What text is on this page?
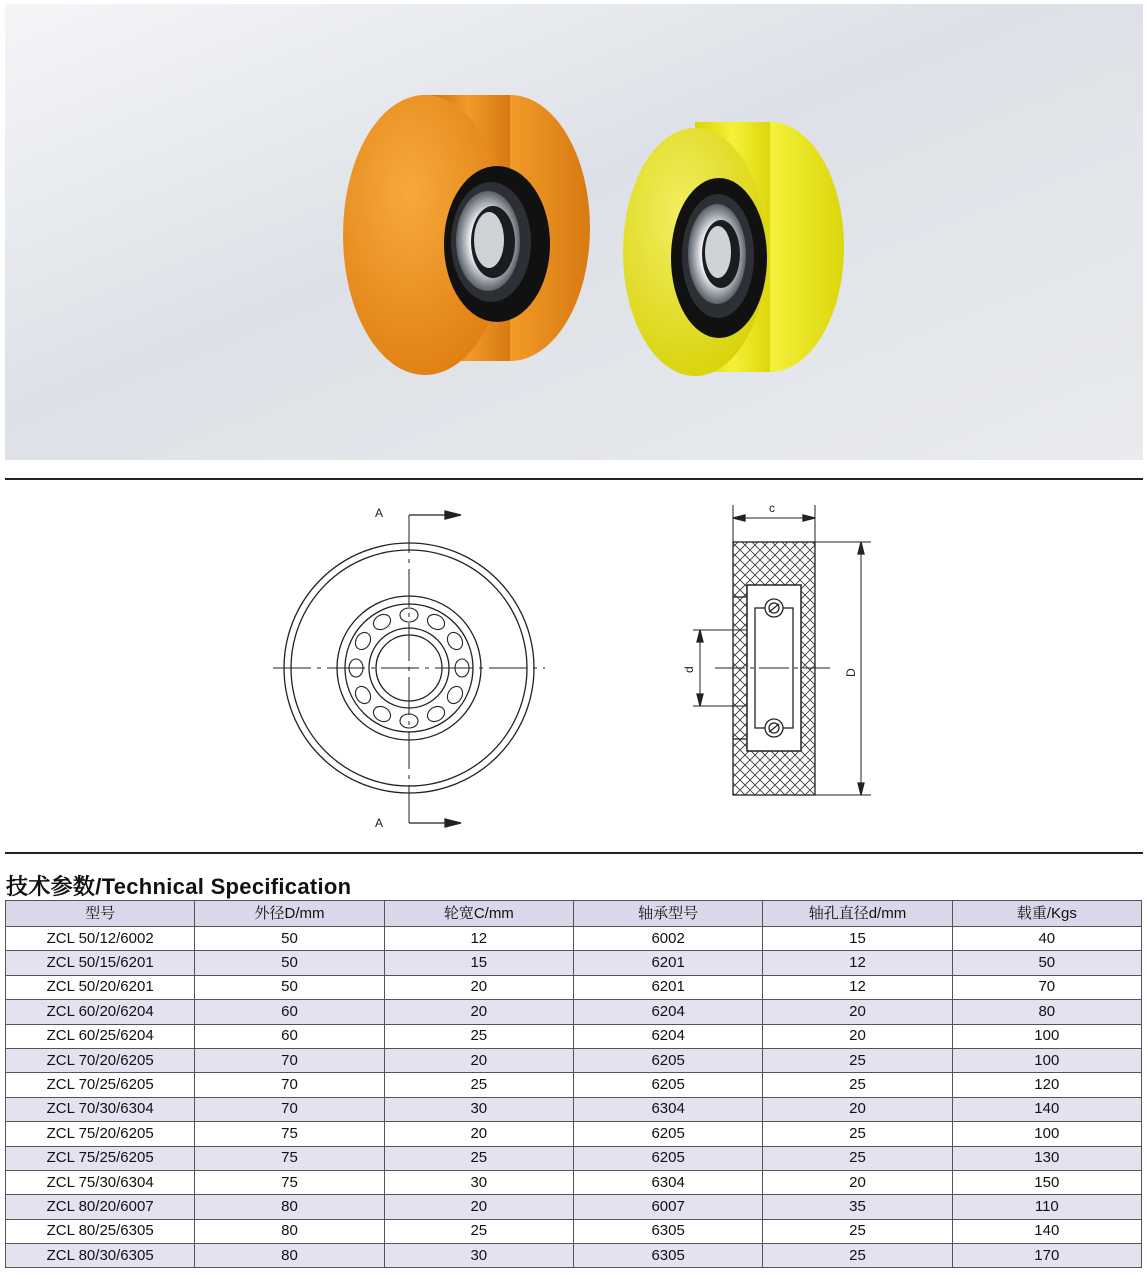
A
A
c
d	D
技术参数/Technical Specification
型号	外径D/mm	轮宽C/mm	轴承型号	轴孔直径d/mm	载重/Kgs
ZCL 50/12/6002	50	12	6002	15	40
ZCL 50/15/6201	50	15	6201	12	50
ZCL 50/20/6201	50	20	6201	12	70
ZCL 60/20/6204	60	20	6204	20	80
ZCL 60/25/6204	60	25	6204	20	100
ZCL 70/20/6205	70	20	6205	25	100
ZCL 70/25/6205	70	25	6205	25	120
ZCL 70/30/6304	70	30	6304	20	140
ZCL 75/20/6205	75	20	6205	25	100
ZCL 75/25/6205	75	25	6205	25	130
ZCL 75/30/6304	75	30	6304	20	150
ZCL 80/20/6007	80	20	6007	35	110
ZCL 80/25/6305	80	25	6305	25	140
ZCL 80/30/6305	80	30	6305	25	170
